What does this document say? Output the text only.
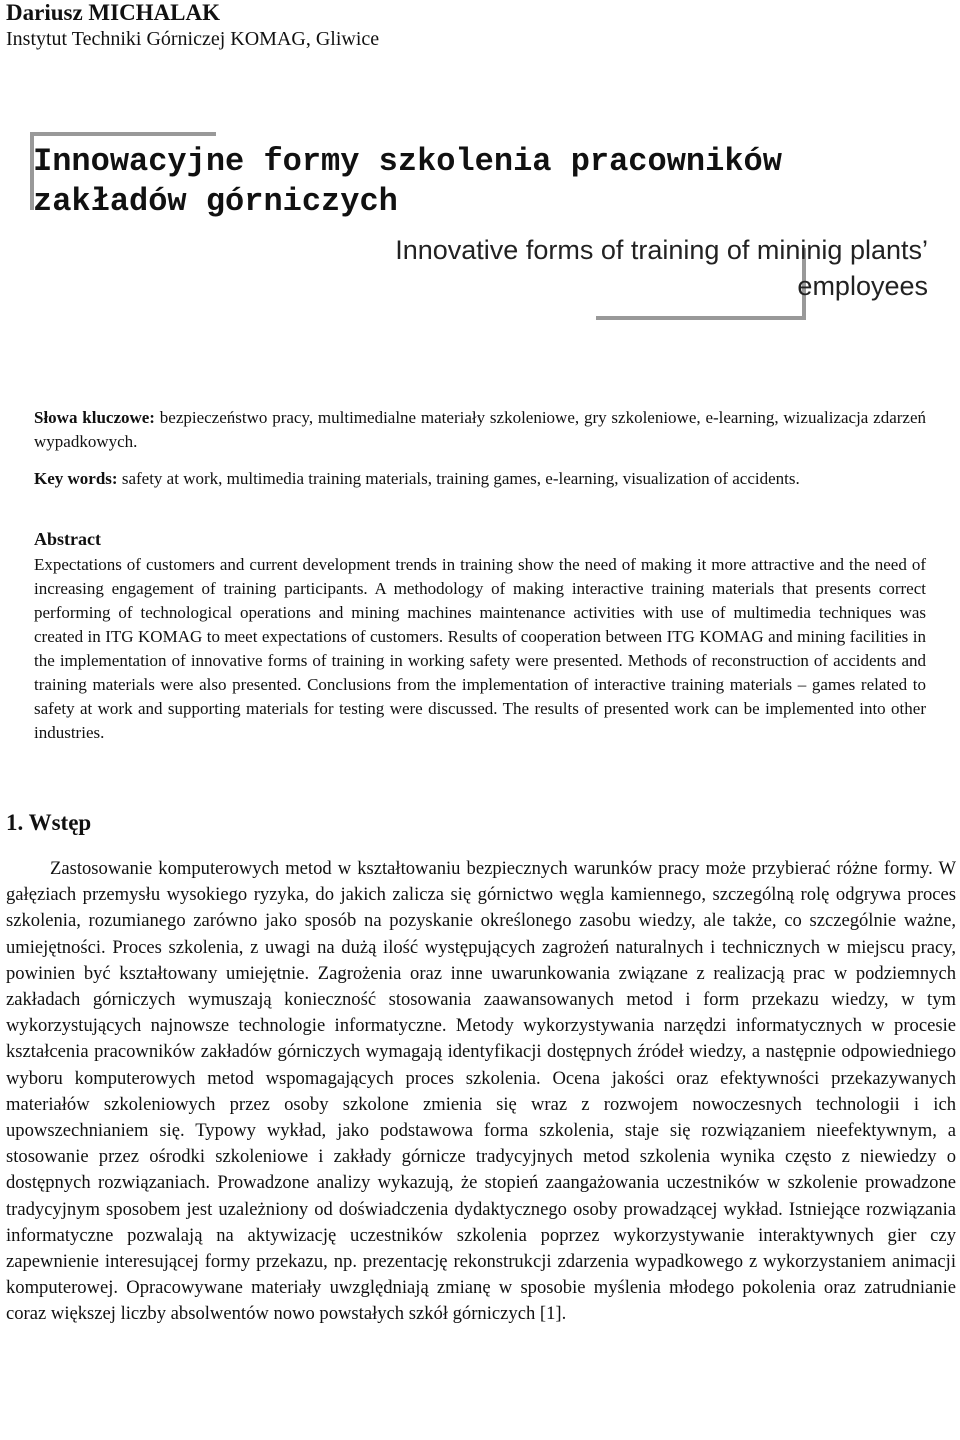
Dariusz MICHALAK
Instytut Techniki Górniczej KOMAG, Gliwice
Innowacyjne formy szkolenia pracowników zakładów górniczych
Innovative forms of training of mininig plants’ employees
Słowa kluczowe: bezpieczeństwo pracy, multimedialne materiały szkoleniowe, gry szkoleniowe, e-learning, wizualizacja zdarzeń wypadkowych.
Key words: safety at work, multimedia training materials, training games, e-learning, visualization of accidents.
Abstract
Expectations of customers and current development trends in training show the need of making it more attractive and the need of increasing engagement of training participants. A methodology of making interactive training materials that presents correct performing of technological operations and mining machines maintenance activities with use of multimedia techniques was created in ITG KOMAG to meet expectations of customers. Results of cooperation between ITG KOMAG and mining facilities in the implementation of innovative forms of training in working safety were presented. Methods of reconstruction of accidents and training materials were also presented. Conclusions from the implementation of interactive training materials – games related to safety at work and supporting materials for testing were discussed. The results of presented work can be implemented into other industries.
1. Wstęp
Zastosowanie komputerowych metod w kształtowaniu bezpiecznych warunków pracy może przybierać różne formy. W gałęziach przemysłu wysokiego ryzyka, do jakich zalicza się górnictwo węgla kamiennego, szczególną rolę odgrywa proces szkolenia, rozumianego zarówno jako sposób na pozyskanie określonego zasobu wiedzy, ale także, co szczególnie ważne, umiejętności. Proces szkolenia, z uwagi na dużą ilość występujących zagrożeń naturalnych i technicznych w miejscu pracy, powinien być kształtowany umiejętnie. Zagrożenia oraz inne uwarunkowania związane z realizacją prac w podziemnych zakładach górniczych wymuszają konieczność stosowania zaawansowanych metod i form przekazu wiedzy, w tym wykorzystujących najnowsze technologie informatyczne. Metody wykorzystywania narzędzi informatycznych w procesie kształcenia pracowników zakładów górniczych wymagają identyfikacji dostępnych źródeł wiedzy, a następnie odpowiedniego wyboru komputerowych metod wspomagających proces szkolenia. Ocena jakości oraz efektywności przekazywanych materiałów szkoleniowych przez osoby szkolone zmienia się wraz z rozwojem nowoczesnych technologii i ich upowszechnianiem się. Typowy wykład, jako podstawowa forma szkolenia, staje się rozwiązaniem nieefektywnym, a stosowanie przez ośrodki szkoleniowe i zakłady górnicze tradycyjnych metod szkolenia wynika często z niewiedzy o dostępnych rozwiązaniach. Prowadzone analizy wykazują, że stopień zaangażowania uczestników w szkolenie prowadzone tradycyjnym sposobem jest uzależniony od doświadczenia dydaktycznego osoby prowadzącej wykład. Istniejące rozwiązania informatyczne pozwalają na aktywizację uczestników szkolenia poprzez wykorzystywanie interaktywnych gier czy zapewnienie interesującej formy przekazu, np. prezentację rekonstrukcji zdarzenia wypadkowego z wykorzystaniem animacji komputerowej. Opracowywane materiały uwzględniają zmianę w sposobie myślenia młodego pokolenia oraz zatrudnianie coraz większej liczby absolwentów nowo powstałych szkół górniczych [1].
